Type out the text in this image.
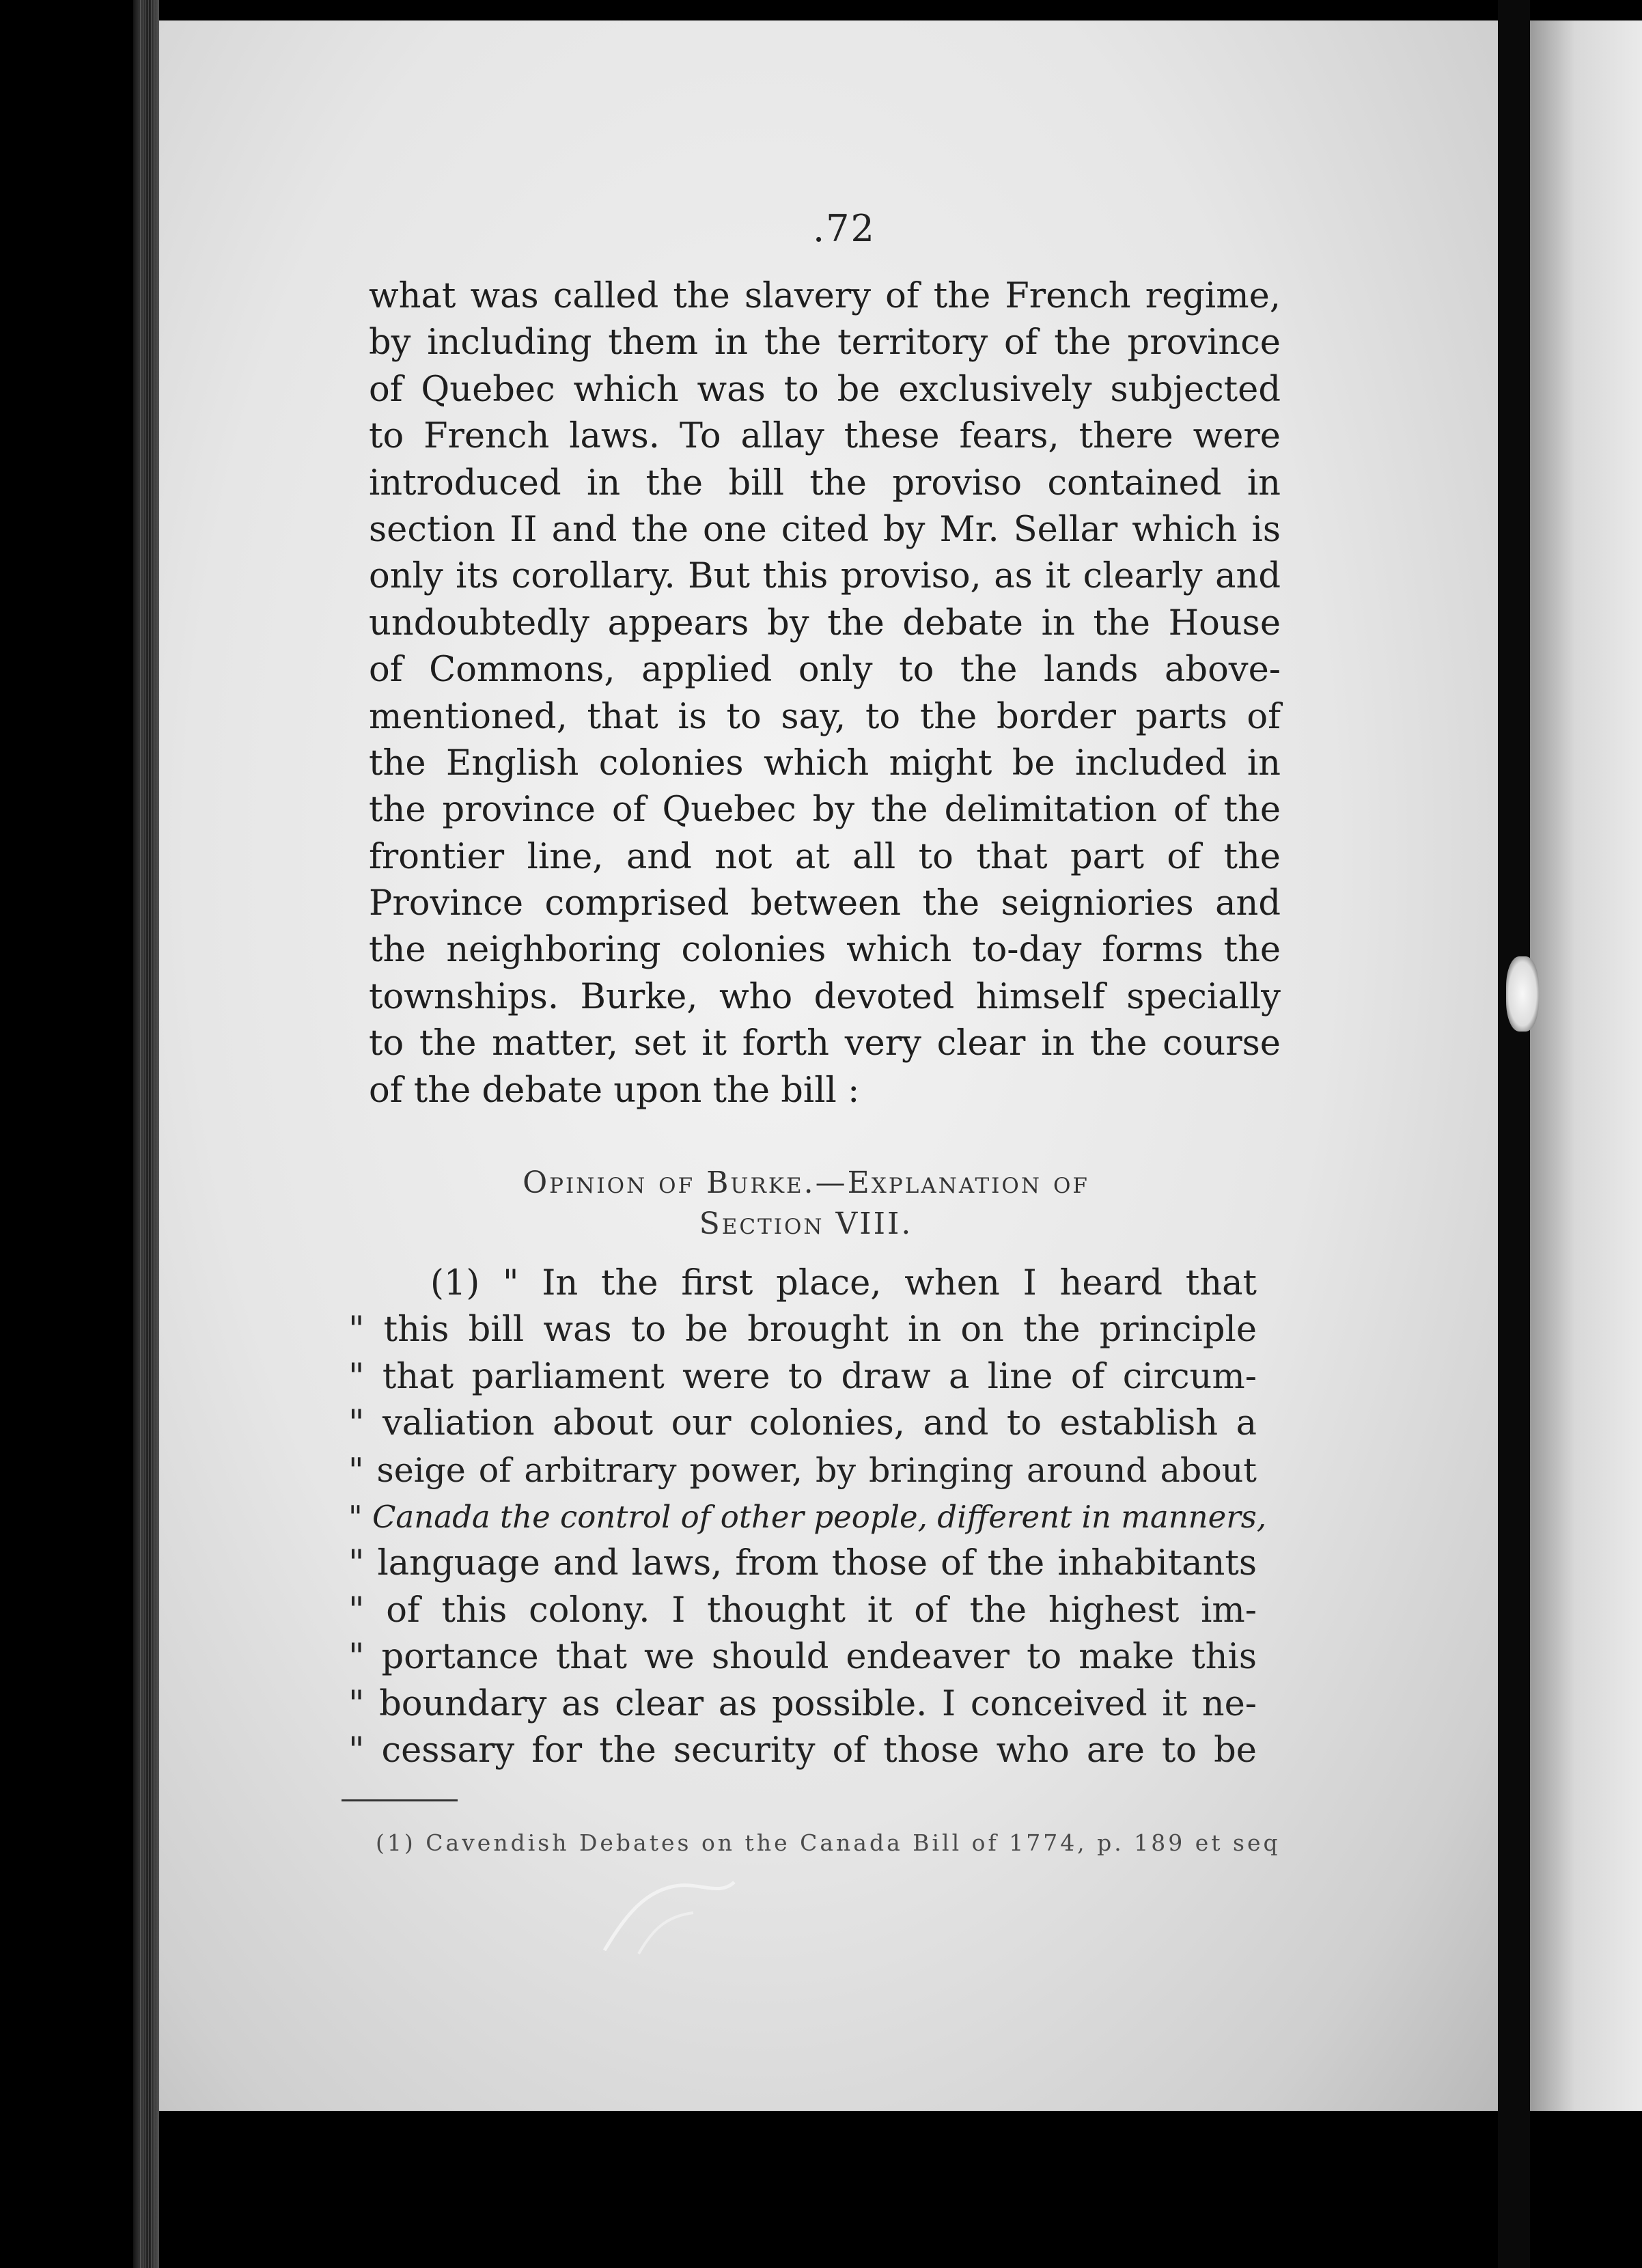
.72
what was called the slavery of the French regime,
by including them in the territory of the province
of Quebec which was to be exclusively subjected
to French laws. To allay these fears, there were
introduced in the bill the proviso contained in
section II and the one cited by Mr. Sellar which is
only its corollary. But this proviso, as it clearly and
undoubtedly appears by the debate in the House
of Commons, applied only to the lands above-
mentioned, that is to say, to the border parts of
the English colonies which might be included in
the province of Quebec by the delimitation of the
frontier line, and not at all to that part of the
Province comprised between the seigniories and
the neighboring colonies which to-day forms the
townships. Burke, who devoted himself specially
to the matter, set it forth very clear in the course
of the debate upon the bill :
Opinion of Burke.—Explanation of
Section VIII.
(1) " In the first place, when I heard that
" this bill was to be brought in on the principle
" that parliament were to draw a line of circum-
" valiation about our colonies, and to establish a
" seige of arbitrary power, by bringing around about
" Canada the control of other people, different in manners,
" language and laws, from those of the inhabitants
" of this colony. I thought it of the highest im-
" portance that we should endeaver to make this
" boundary as clear as possible. I conceived it ne-
" cessary for the security of those who are to be
(1) Cavendish Debates on the Canada Bill of 1774, p. 189 et seq
